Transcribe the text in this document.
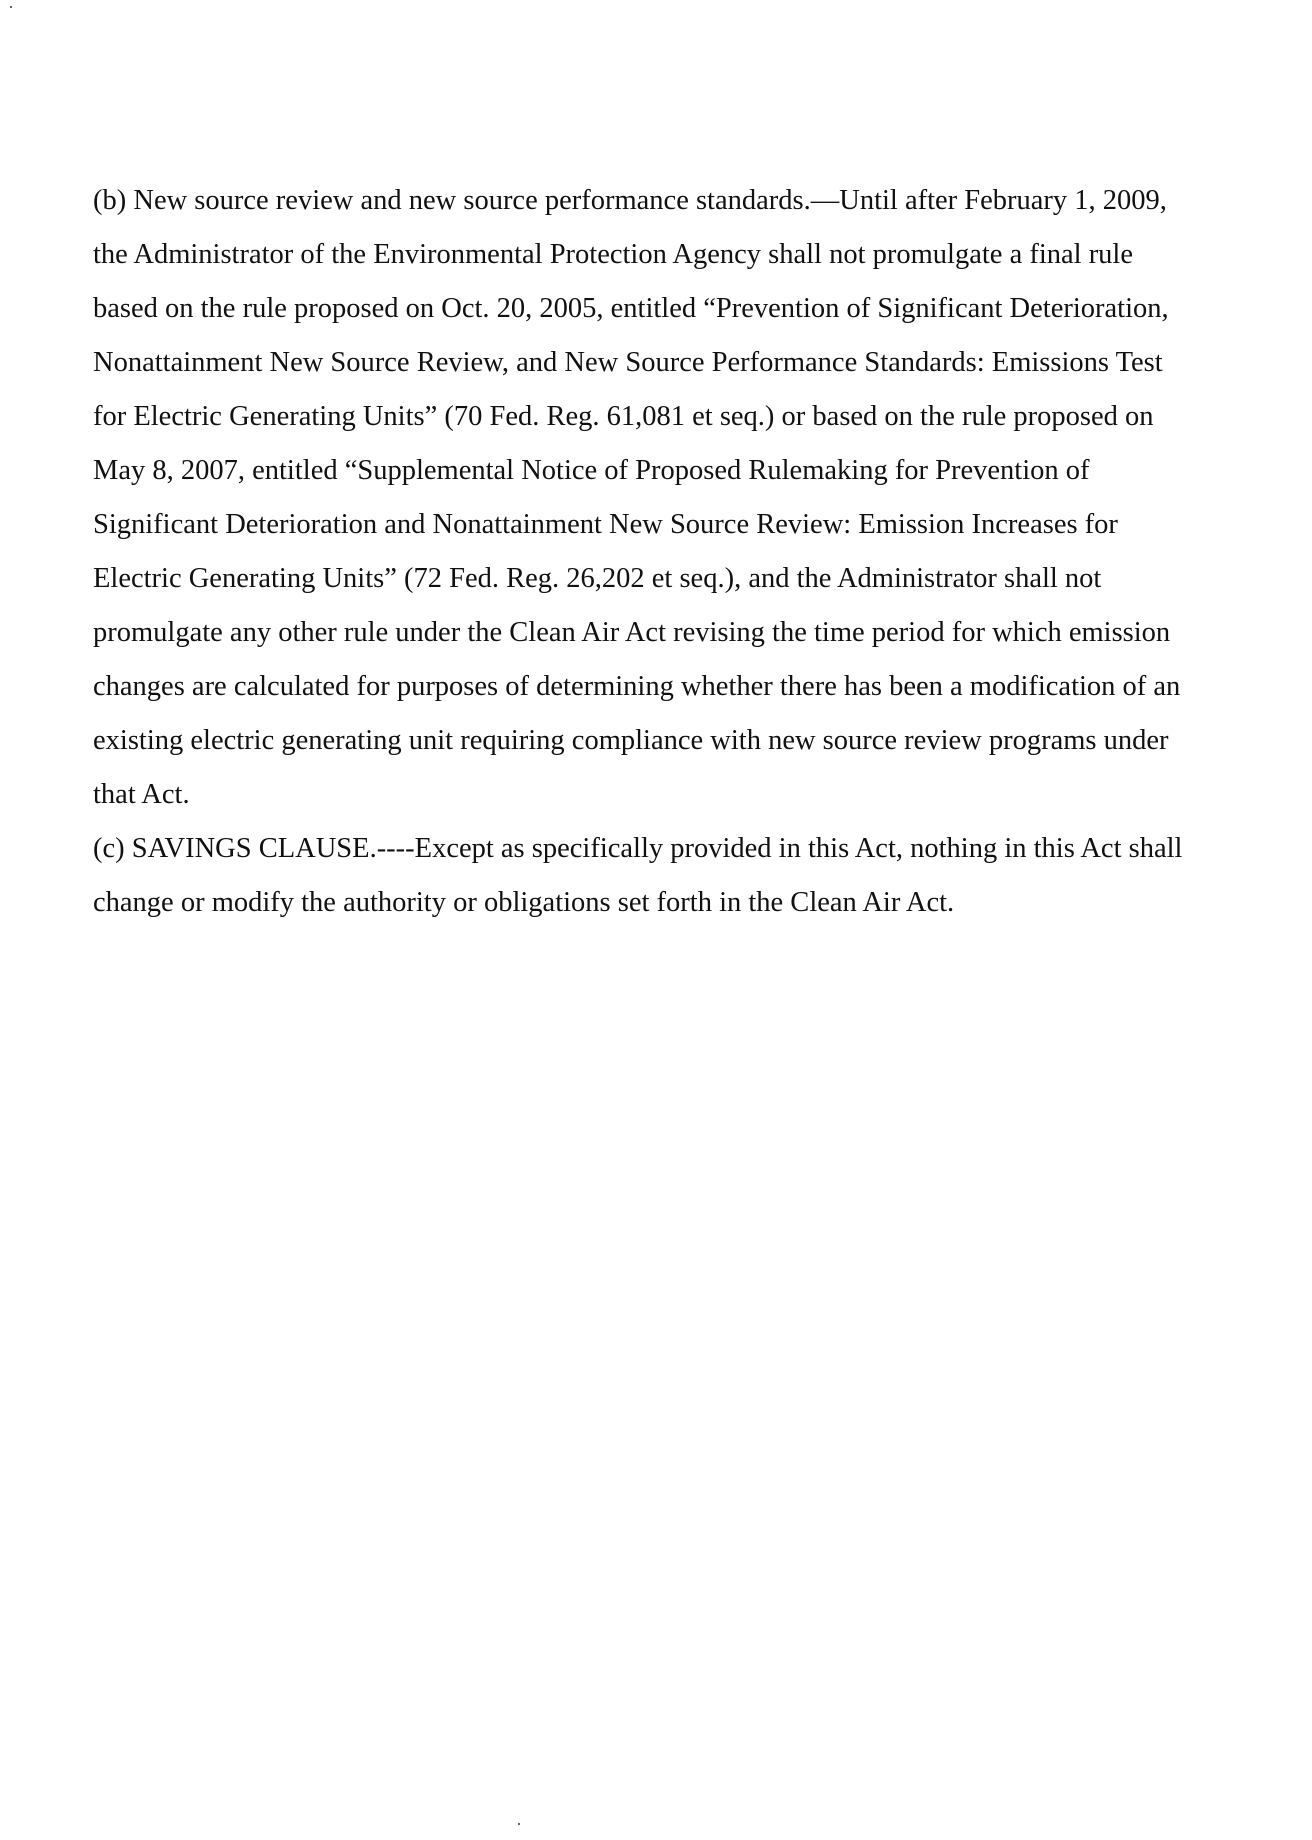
(b) New source review and new source performance standards.—Until after February 1, 2009,
the Administrator of the Environmental Protection Agency shall not promulgate a final rule
based on the rule proposed on Oct. 20, 2005, entitled “Prevention of Significant Deterioration,
Nonattainment New Source Review, and New Source Performance Standards: Emissions Test
for Electric Generating Units” (70 Fed. Reg. 61,081 et seq.) or based on the rule proposed on
May 8, 2007, entitled “Supplemental Notice of Proposed Rulemaking for Prevention of
Significant Deterioration and Nonattainment New Source Review: Emission Increases for
Electric Generating Units” (72 Fed. Reg. 26,202 et seq.), and the Administrator shall not
promulgate any other rule under the Clean Air Act revising the time period for which emission
changes are calculated for purposes of determining whether there has been a modification of an
existing electric generating unit requiring compliance with new source review programs under
that Act.
(c) SAVINGS CLAUSE.----Except as specifically provided in this Act, nothing in this Act shall
change or modify the authority or obligations set forth in the Clean Air Act.
